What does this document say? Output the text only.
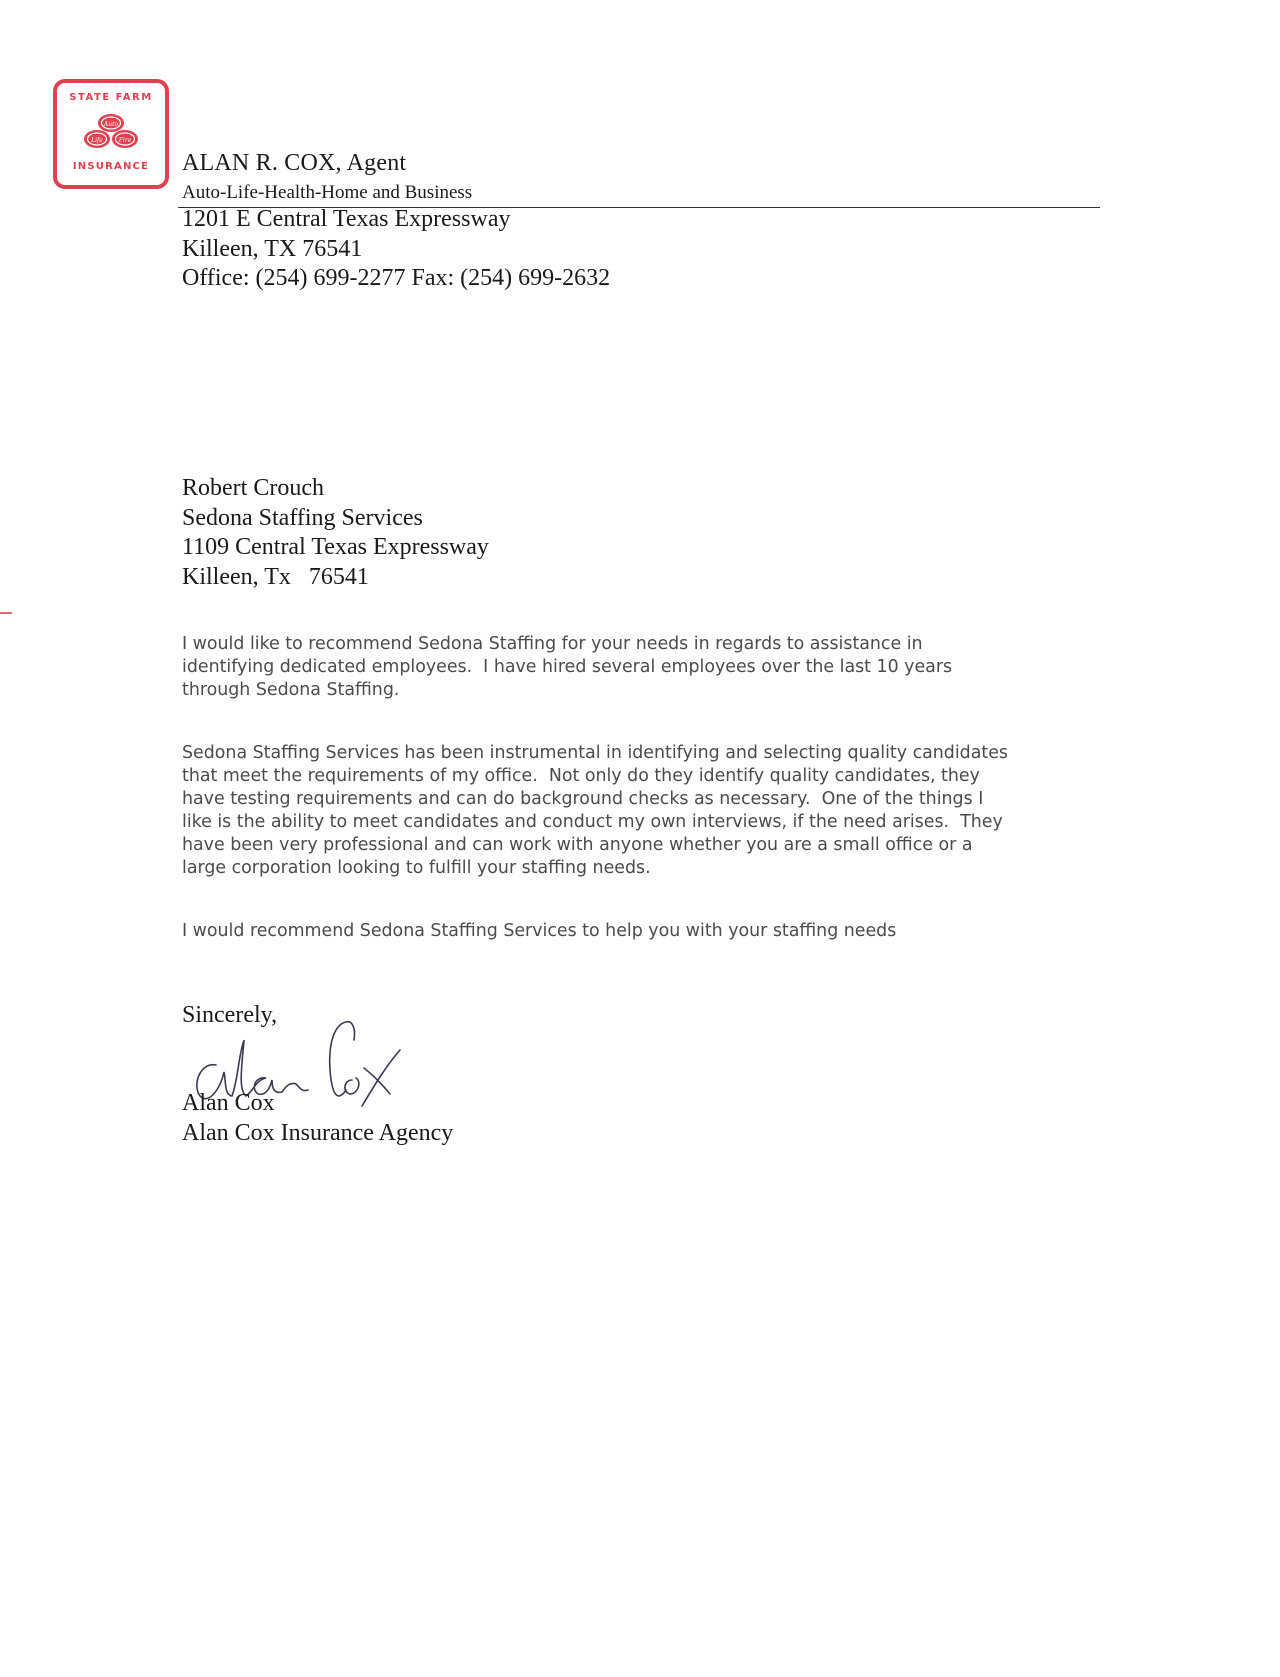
STATE FARM
Auto
Life	Fire
INSURANCE ALAN R. COX, Agent
Auto-Life-Health-Home and Business
1201 E Central Texas Expressway
Killeen, TX 76541
Office: (254) 699-2277 Fax: (254) 699-2632
Robert Crouch
Sedona Staffing Services
1109 Central Texas Expressway
Killeen, Tx   76541
I would like to recommend Sedona Staffing for your needs in regards to assistance in
identifying dedicated employees.  I have hired several employees over the last 10 years
through Sedona Staffing.
Sedona Staffing Services has been instrumental in identifying and selecting quality candidates
that meet the requirements of my office.  Not only do they identify quality candidates, they
have testing requirements and can do background checks as necessary.  One of the things I
like is the ability to meet candidates and conduct my own interviews, if the need arises.  They
have been very professional and can work with anyone whether you are a small office or a
large corporation looking to fulfill your staffing needs.
I would recommend Sedona Staffing Services to help you with your staffing needs
Sincerely,
Alan Cox
Alan Cox Insurance Agency
